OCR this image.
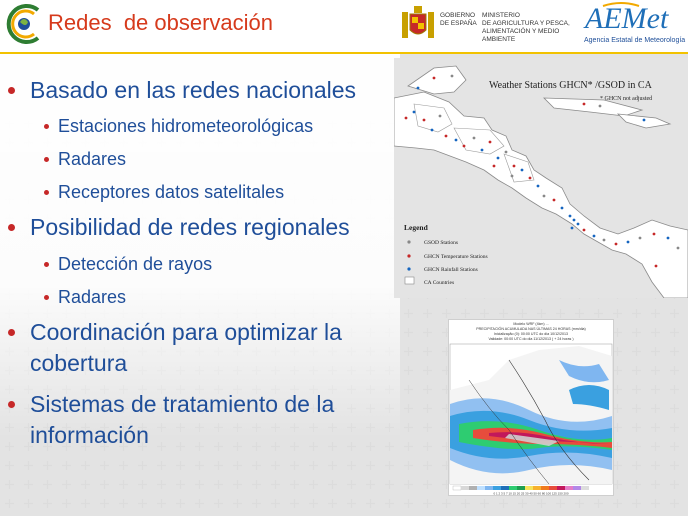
Redes  de observación	GOBIERNO
DE ESPAÑA
MINISTERIO
DE AGRICULTURA Y PESCA,
ALIMENTACIÓN Y MEDIO AMBIENTE
AEMet
Agencia Estatal de Meteorología
Basado en las redes nacionales
Estaciones hidrometeorológicas
Radares
Receptores datos satelitales
Posibilidad de redes regionales
Detección de rayos
Radares
Coordinación para optimizar la
cobertura
Sistemas de tratamiento de la
información
Weather Stations GHCN* /GSOD in CA
* GHCN not adjusted
Legend
GSOD Stations
GHCN Temperature Stations
GHCN Rainfall Stations
CA Countries
Modelo WRF (4km) ...
PRECIPITACIÓN ACUMULADA NAS ÚLTIMAS 24 HORAS (mm/dia)
Inicialização (0): 00:00 UTC do dia 10/12/2013
Validade: 00:00 UTC do dia 11/12/2013 ( + 24 horas )
0 1 2 3 5 7 10 15 20 25 30 40 50 60 80 100 125 150 200
